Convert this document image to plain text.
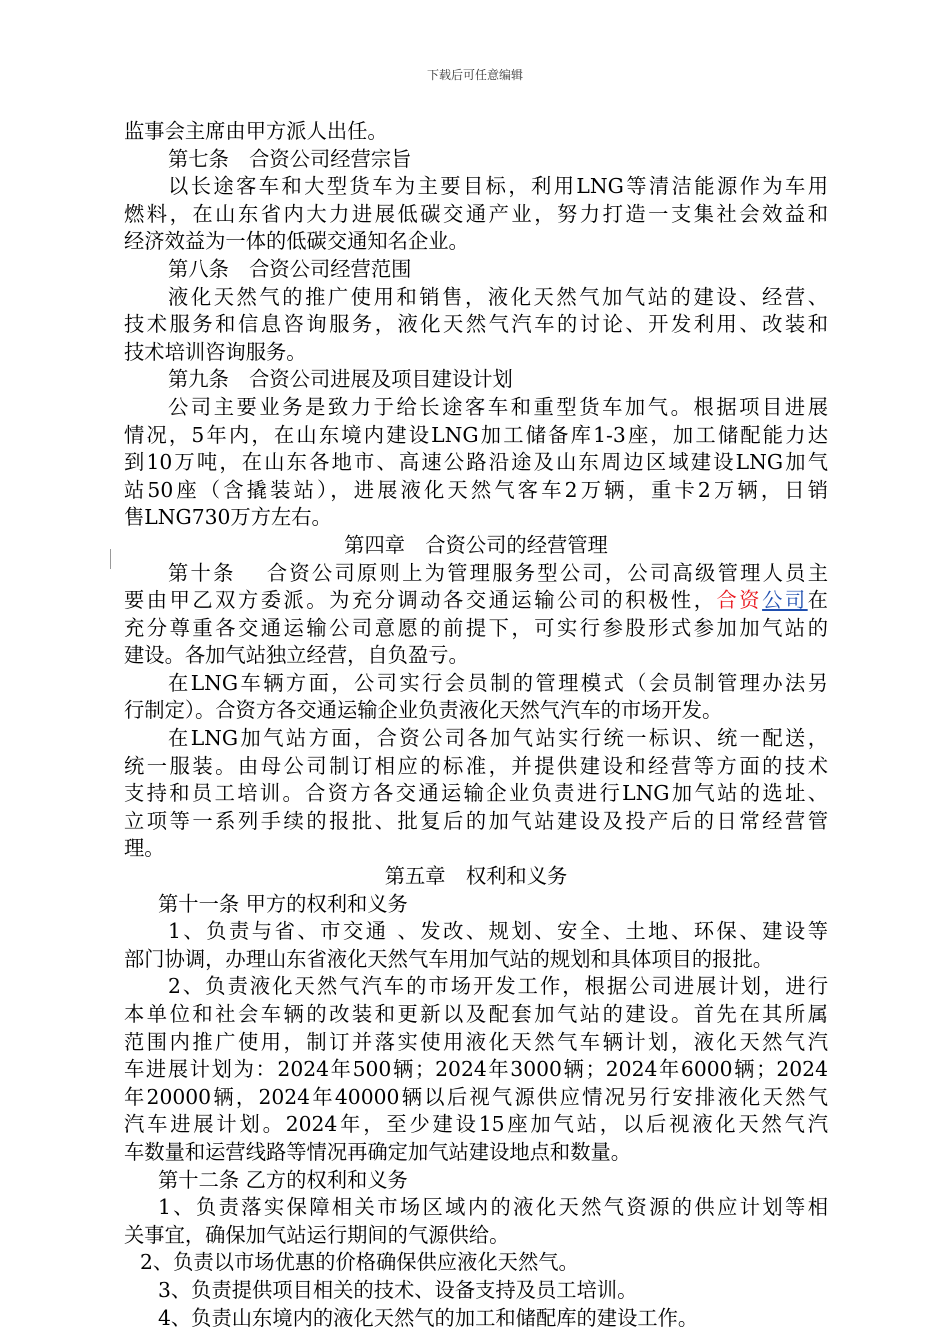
下载后可任意编辑
监事会主席由甲方派人出任。
第七条　合资公司经营宗旨
以长途客车和大型货车为主要目标，利用LNG等清洁能源作为车用
燃料，在山东省内大力进展低碳交通产业，努力打造一支集社会效益和
经济效益为一体的低碳交通知名企业。
第八条　合资公司经营范围
液化天然气的推广使用和销售，液化天然气加气站的建设、经营、
技术服务和信息咨询服务，液化天然气汽车的讨论、开发利用、改装和
技术培训咨询服务。
第九条　合资公司进展及项目建设计划
公司主要业务是致力于给长途客车和重型货车加气。根据项目进展
情况，5年内，在山东境内建设LNG加工储备库1-3座，加工储配能力达
到10万吨，在山东各地市、高速公路沿途及山东周边区域建设LNG加气
站50座（含撬装站），进展液化天然气客车2万辆，重卡2万辆，日销
售LNG730万方左右。
第四章　合资公司的经营管理
第十条　 合资公司原则上为管理服务型公司，公司高级管理人员主
要由甲乙双方委派。为充分调动各交通运输公司的积极性，合资公司在
充分尊重各交通运输公司意愿的前提下，可实行参股形式参加加气站的
建设。各加气站独立经营，自负盈亏。
在LNG车辆方面，公司实行会员制的管理模式（会员制管理办法另
行制定）。合资方各交通运输企业负责液化天然气汽车的市场开发。
在LNG加气站方面，合资公司各加气站实行统一标识、统一配送，
统一服装。由母公司制订相应的标准，并提供建设和经营等方面的技术
支持和员工培训。合资方各交通运输企业负责进行LNG加气站的选址、
立项等一系列手续的报批、批复后的加气站建设及投产后的日常经营管
理。
第五章　权利和义务
第十一条 甲方的权利和义务
1、负责与省、市交通 、发改、规划、安全、土地、环保、建设等
部门协调，办理山东省液化天然气车用加气站的规划和具体项目的报批。
2、负责液化天然气汽车的市场开发工作，根据公司进展计划，进行
本单位和社会车辆的改装和更新以及配套加气站的建设。首先在其所属
范围内推广使用，制订并落实使用液化天然气车辆计划，液化天然气汽
车进展计划为：2024年500辆；2024年3000辆；2024年6000辆；2024
年20000辆，2024年40000辆以后视气源供应情况另行安排液化天然气
汽车进展计划。2024年，至少建设15座加气站，以后视液化天然气汽
车数量和运营线路等情况再确定加气站建设地点和数量。
第十二条 乙方的权利和义务
1、负责落实保障相关市场区域内的液化天然气资源的供应计划等相
关事宜，确保加气站运行期间的气源供给。
2、负责以市场优惠的价格确保供应液化天然气。
3、负责提供项目相关的技术、设备支持及员工培训。
4、负责山东境内的液化天然气的加工和储配库的建设工作。
